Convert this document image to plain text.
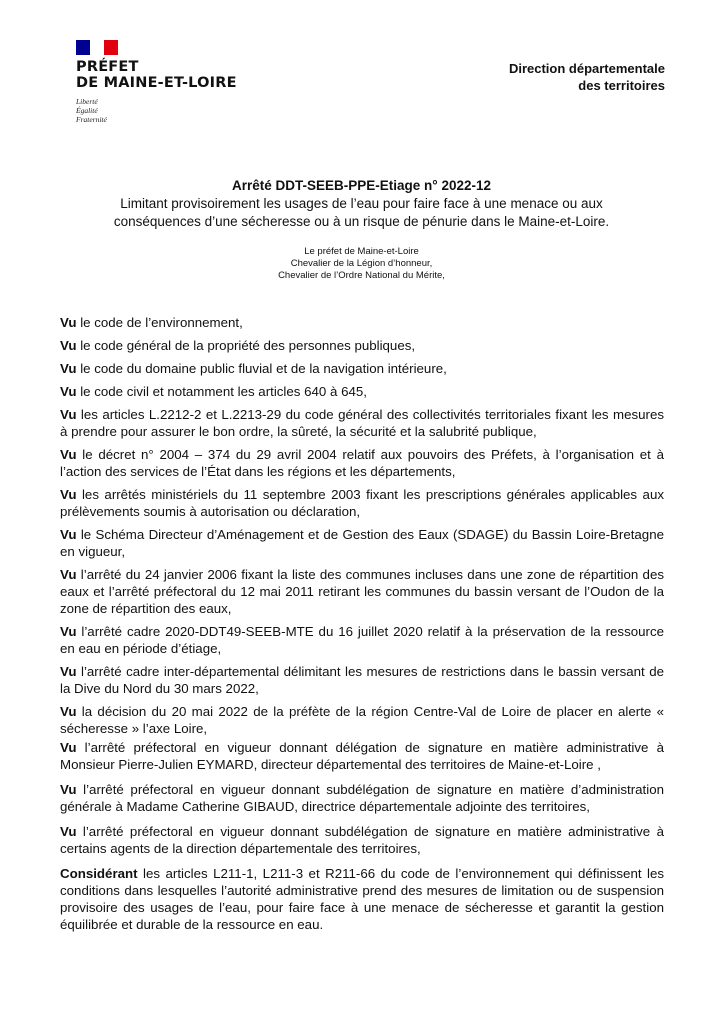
PRÉFET
DE MAINE-ET-LOIRE
Liberté
Égalité
Fraternité
Direction départementale
des territoires
Arrêté DDT-SEEB-PPE-Etiage n° 2022-12
Limitant provisoirement les usages de l’eau pour faire face à une menace ou aux
conséquences d’une sécheresse ou à un risque de pénurie dans le Maine-et-Loire.
Le préfet de Maine-et-Loire
Chevalier de la Légion d’honneur,
Chevalier de l’Ordre National du Mérite,

Vu le code de l’environnement,

Vu le code général de la propriété des personnes publiques,

Vu le code du domaine public fluvial et de la navigation intérieure,

Vu le code civil et notamment les articles 640 à 645,

Vu les articles L.2212-2 et L.2213-29 du code général des collectivités territoriales fixant les mesures à prendre pour assurer le bon ordre, la sûreté, la sécurité et la salubrité publique,

Vu le décret n° 2004 – 374 du 29 avril 2004 relatif aux pouvoirs des Préfets, à l’organisation et à l’action des services de l’État dans les régions et les départements,

Vu les arrêtés ministériels du 11 septembre 2003 fixant les prescriptions générales applicables aux prélèvements soumis à autorisation ou déclaration,

Vu le Schéma Directeur d’Aménagement et de Gestion des Eaux (SDAGE) du Bassin Loire-Bretagne en vigueur,

Vu l’arrêté du 24 janvier 2006 fixant la liste des communes incluses dans une zone de répartition des eaux et l’arrêté préfectoral du 12 mai 2011 retirant les communes du bassin versant de l’Oudon de la zone de répartition des eaux,

Vu l’arrêté cadre 2020-DDT49-SEEB-MTE du 16 juillet 2020 relatif à la préservation de la ressource en eau en période d’étiage,

Vu l’arrêté cadre inter-départemental délimitant les mesures de restrictions dans le bassin versant de la Dive du Nord du 30 mars 2022,

Vu la décision du 20 mai 2022 de la préfète de la région Centre-Val de Loire de placer en alerte « sécheresse » l’axe Loire,

Vu l’arrêté préfectoral en vigueur donnant délégation de signature en matière administrative à Monsieur Pierre-Julien EYMARD, directeur départemental des territoires de Maine-et-Loire ,

Vu l’arrêté préfectoral en vigueur donnant subdélégation de signature en matière d’administration générale à Madame Catherine GIBAUD, directrice départementale adjointe des territoires,

Vu l’arrêté préfectoral en vigueur donnant subdélégation de signature en matière administrative à certains agents de la direction départementale des territoires,

Considérant les articles L211-1, L211-3 et R211-66 du code de l’environnement qui définissent les conditions dans lesquelles l’autorité administrative prend des mesures de limitation ou de suspension provisoire des usages de l’eau, pour faire face à une menace de sécheresse et garantit la gestion équilibrée et durable de la ressource en eau.
